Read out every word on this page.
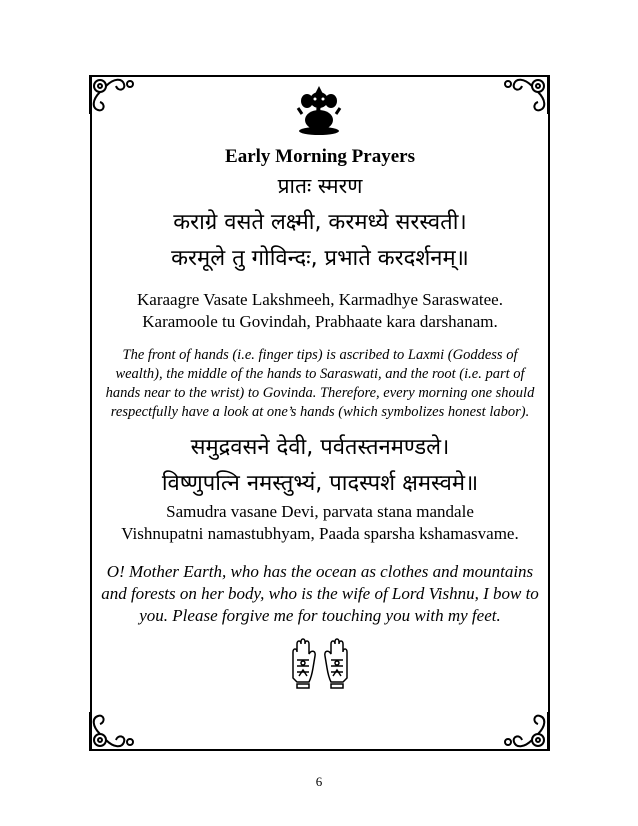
Early Morning Prayers
प्रातः स्मरण
कराग्रे वसते लक्ष्मी, करमध्ये सरस्वती।
करमूले तु गोविन्दः, प्रभाते करदर्शनम्॥
Karaagre Vasate Lakshmeeh, Karmadhye Saraswatee.
Karamoole tu Govindah, Prabhaate kara darshanam.
The front of hands (i.e. finger tips) is ascribed to Laxmi (Goddess of
wealth), the middle of the hands to Saraswati, and the root (i.e. part of
hands near to the wrist) to Govinda. Therefore, every morning one should
respectfully have a look at one’s hands (which symbolizes honest labor).
समुद्रवसने देवी, पर्वतस्तनमण्डले।
विष्णुपत्नि नमस्तुभ्यं, पादस्पर्श क्षमस्वमे॥
Samudra vasane Devi, parvata stana mandale
Vishnupatni namastubhyam, Paada sparsha kshamasvame.
O! Mother Earth, who has the ocean as clothes and mountains
and forests on her body, who is the wife of Lord Vishnu, I bow to
you. Please forgive me for touching you with my feet.
6
